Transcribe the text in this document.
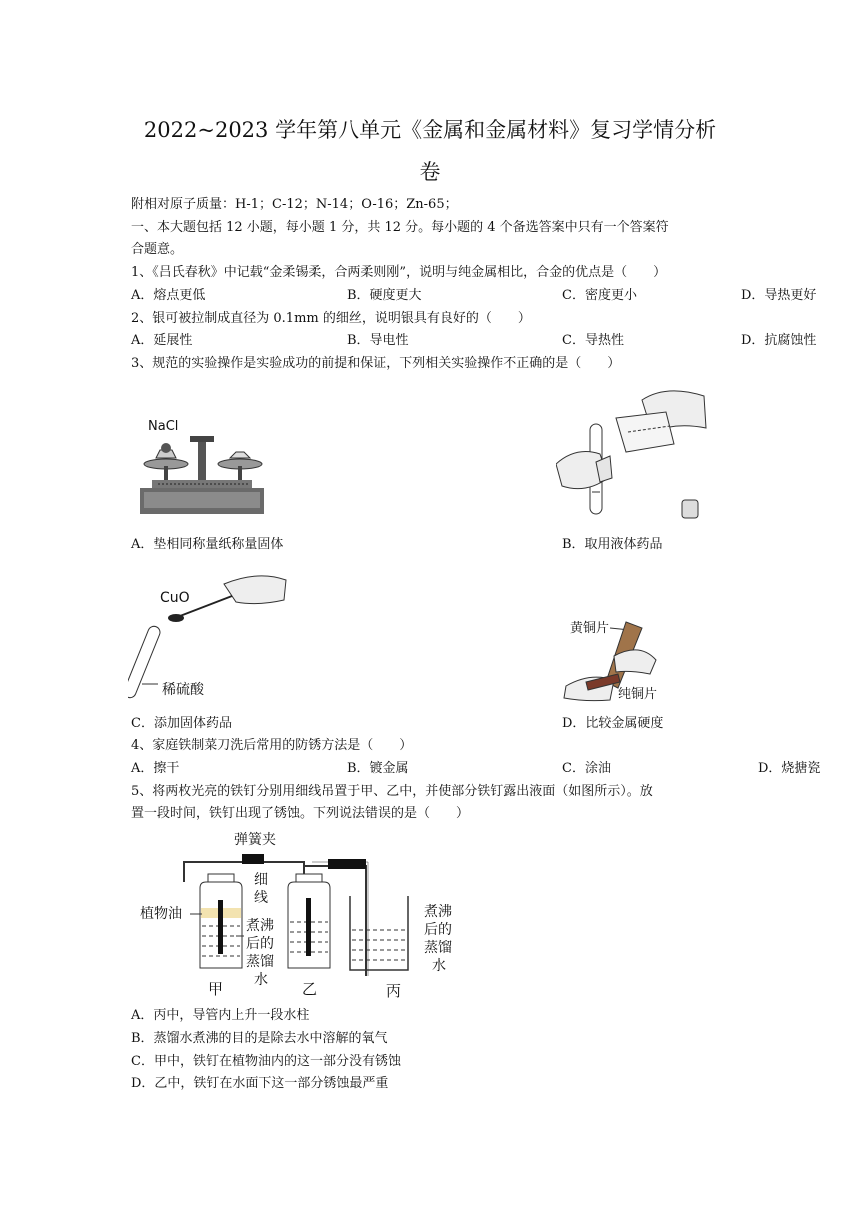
2022~2023 学年第八单元《金属和金属材料》复习学情分析
卷
附相对原子质量：H-1；C-12；N-14；O-16；Zn-65；
一、本大题包括 12 小题，每小题 1 分，共 12 分。每小题的 4 个备选答案中只有一个答案符
合题意。
1、《吕氏春秋》中记载“金柔锡柔，合两柔则刚”，说明与纯金属相比，合金的优点是（　　）
A．熔点更低	B．硬度更大	C．密度更小	D．导热更好
2、银可被拉制成直径为 0.1mm 的细丝，说明银具有良好的（　　）
A．延展性	B．导电性	C．导热性	D．抗腐蚀性
3、规范的实验操作是实验成功的前提和保证，下列相关实验操作不正确的是（　　）
NaCl
A．垫相同称量纸称量固体	B．取用液体药品
CuO
稀硫酸
C．添加固体药品
黄铜片
纯铜片
D．比较金属硬度
4、家庭铁制菜刀洗后常用的防锈方法是（　　）
A．擦干	B．镀金属	C．涂油	D．烧搪瓷
5、将两枚光亮的铁钉分别用细线吊置于甲、乙中，并使部分铁钉露出液面（如图所示）。放
置一段时间，铁钉出现了锈蚀。下列说法错误的是（　　）
弹簧夹
细
线
植物油
煮沸
后的
蒸馏
水
煮沸
后的
蒸馏
水
甲	乙	丙
A．丙中，导管内上升一段水柱
B．蒸馏水煮沸的目的是除去水中溶解的氧气
C．甲中，铁钉在植物油内的这一部分没有锈蚀
D．乙中，铁钉在水面下这一部分锈蚀最严重
